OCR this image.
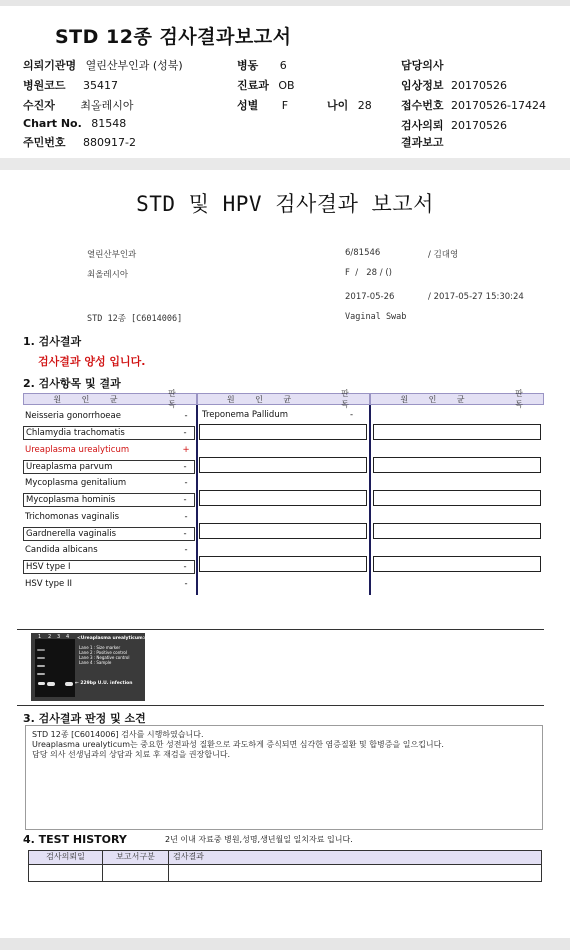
STD 12종 검사결과보고서
의뢰기관명 열린산부인과 (성북)	병동 6	담당의사
병원코드 35417	진료과 OB	임상정보 20170526
수진자 최올레시아	성별 F	나이 28	접수번호 20170526-17424
Chart No. 81548	검사의뢰 20170526
주민번호 880917-2	결과보고
STD 및 HPV 검사결과 보고서
열린산부인과	6/81546	/ 김대영
최올레시아	F  /   28 / ()
2017-05-26	/ 2017-05-27 15:30:24
STD 12종 [C6014006]	Vaginal Swab
1. 검사결과
검사결과 양성 입니다.
2. 검사항목 및 결과
원 인 균
판 독
원 인 균
판 독
원 인 균
판 독
Neisseria gonorrhoeae	-
Chlamydia trachomatis	-
Ureaplasma urealyticum	+
Ureaplasma parvum	-
Mycoplasma genitalium	-
Mycoplasma hominis	-
Trichomonas vaginalis	-
Gardnerella vaginalis	-
Candida albicans	-
HSV type I	-
HSV type II	-
Treponema Pallidum	-
1 2 3 4 <Ureaplasma urealyticum>
Lane 1 : Size marker
Lane 2 : Positive control
Lane 3 : Negative control
Lane 4 : Sample
← 229bp U.U. infection
3. 검사결과 판정 및 소견
STD 12종 [C6014006] 검사를 시행하였습니다.
Ureaplasma urealyticum는 중요한 성전파성 질환으로 과도하게 증식되면 심각한 염증질환 및 합병증을 일으킵니다.
담당 의사 선생님과의 상담과 치료 후 재검을 권장합니다.
4. TEST HISTORY	2년 이내 자료중 병원,성명,생년월일 일치자료 입니다.
검사의뢰일	보고서구분	검사결과
